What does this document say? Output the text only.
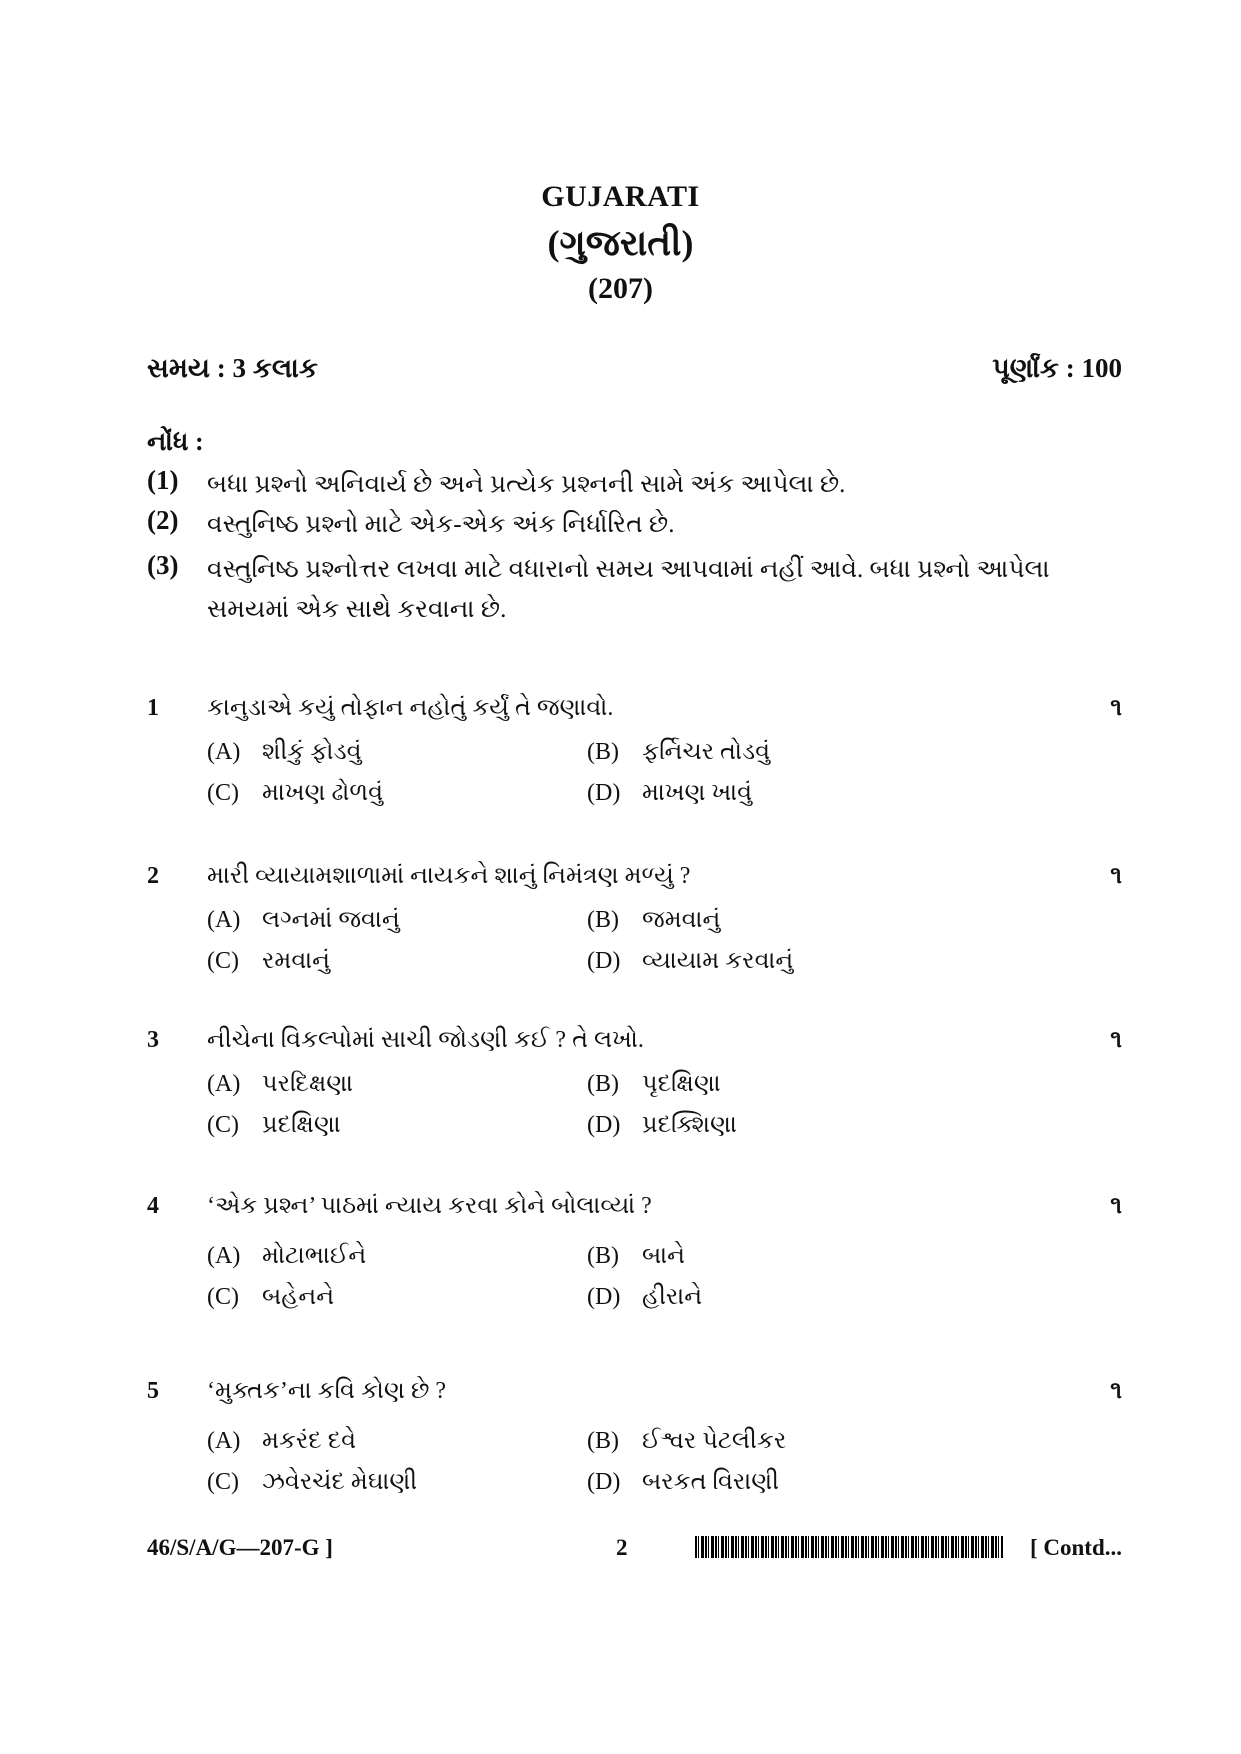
GUJARATI
(ગુજરાતી)
(207)
સમય : 3 કલાક	પૂર્ણાંક : 100
નોંધ :
(1)	બધા પ્રશ્નો અનિવાર્ય છે અને પ્રત્યેક પ્રશ્નની સામે અંક આપેલા છે.
(2)	વસ્તુનિષ્ઠ પ્રશ્નો માટે એક-એક અંક નિર્ધારિત છે.
(3)	વસ્તુનિષ્ઠ પ્રશ્નોત્તર લખવા માટે વધારાનો સમય આપવામાં નહીં આવે. બધા પ્રશ્નો આપેલા સમયમાં એક સાથે કરવાના છે.
1	કાનુડાએ કયું તોફાન નહોતું કર્યું તે જણાવો.	૧
(A) શીકું ફોડવું	(B) ફર્નિચર તોડવું
(C) માખણ ઢોળવું	(D) માખણ ખાવું
2	મારી વ્યાયામશાળામાં નાયકને શાનું નિમંત્રણ મળ્યું ?	૧
(A) લગ્નમાં જવાનું	(B) જમવાનું
(C) રમવાનું	(D) વ્યાયામ કરવાનું
3	નીચેના વિકલ્પોમાં સાચી જોડણી કઈ ? તે લખો.	૧
(A) પરદિક્ષણા	(B) પૃદક્ષિણા
(C) પ્રદક્ષિણા	(D) પ્રદક્શિણા
4	‘એક પ્રશ્ન’ પાઠમાં ન્યાય કરવા કોને બોલાવ્યાં ?	૧
(A) મોટાભાઈને	(B) બાને
(C) બહેનને	(D) હીરાને
5	‘મુક્તક’ના કવિ કોણ છે ?	૧
(A) મકરંદ દવે	(B) ઈશ્વર પેટલીકર
(C) ઝવેરચંદ મેઘાણી	(D) બરકત વિરાણી
46/S/A/G—207-G ]	2	[ Contd...
